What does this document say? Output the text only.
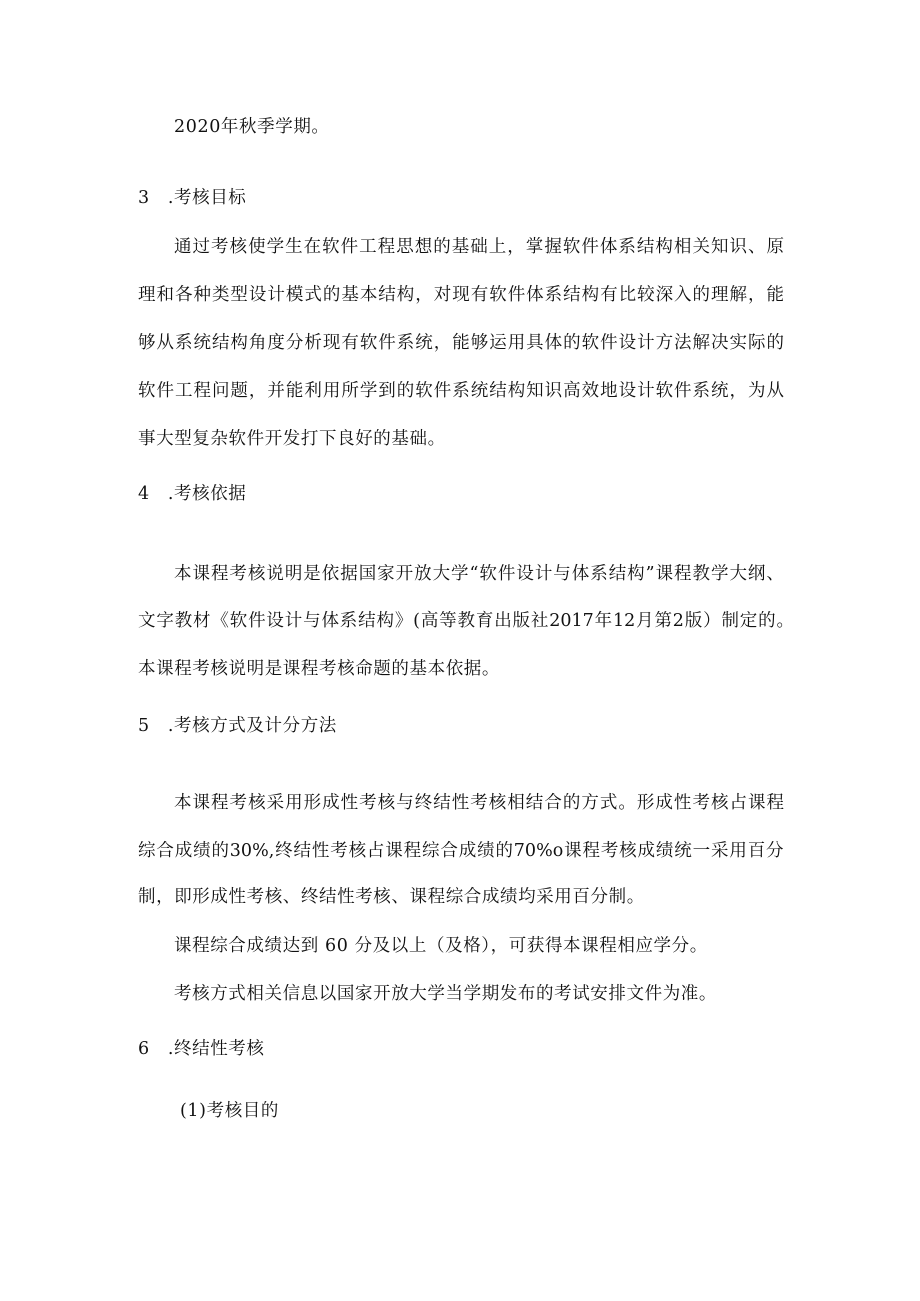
2020年秋季学期。
3　.考核目标
通 过 考 核 使 学 生 在 软 件 工 程 思 想 的 基 础 上 ， 掌 握 软 件 体 系 结 构 相 关 知 识 、 原
理 和 各 种 类 型 设 计 模 式 的 基 本 结 构 ， 对 现 有 软 件 体 系 结 构 有 比 较 深 入 的 理 解 ， 能
够 从 系 统 结 构 角 度 分 析 现 有 软 件 系 统 ， 能 够 运 用 具 体 的 软 件 设 计 方 法 解 决 实 际 的
软 件 工 程 问 题 ， 并 能 利 用 所 学 到 的 软 件 系 统 结 构 知 识 高 效 地 设 计 软 件 系 统 ， 为 从
事大型复杂软件开发打下良好的基础。
4　.考核依据
本 课 程 考 核 说 明 是 依 据 国 家 开 放 大 学 “ 软 件 设 计 与 体 系 结 构 ” 课 程 教 学 大 纲 、
文 字 教 材 《 软 件 设 计 与 体 系 结 构 》 ( 高 等 教 育 出 版 社 2017 年 12 月 第 2 版 ） 制 定 的 。
本课程考核说明是课程考核命题的基本依据。
5　.考核方式及计分方法
本 课 程 考 核 采 用 形 成 性 考 核 与 终 结 性 考 核 相 结 合 的 方 式 。 形 成 性 考 核 占 课 程
综 合 成 绩 的 30%, 终 结 性 考 核 占 课 程 综 合 成 绩 的 70%o 课 程 考 核 成 绩 统 一 采 用 百 分
制，即形成性考核、终结性考核、课程综合成绩均采用百分制。
课程综合成绩达到 60 分及以上（及格），可获得本课程相应学分。
考核方式相关信息以国家开放大学当学期发布的考试安排文件为准。
6　.终结性考核
(1)考核目的
